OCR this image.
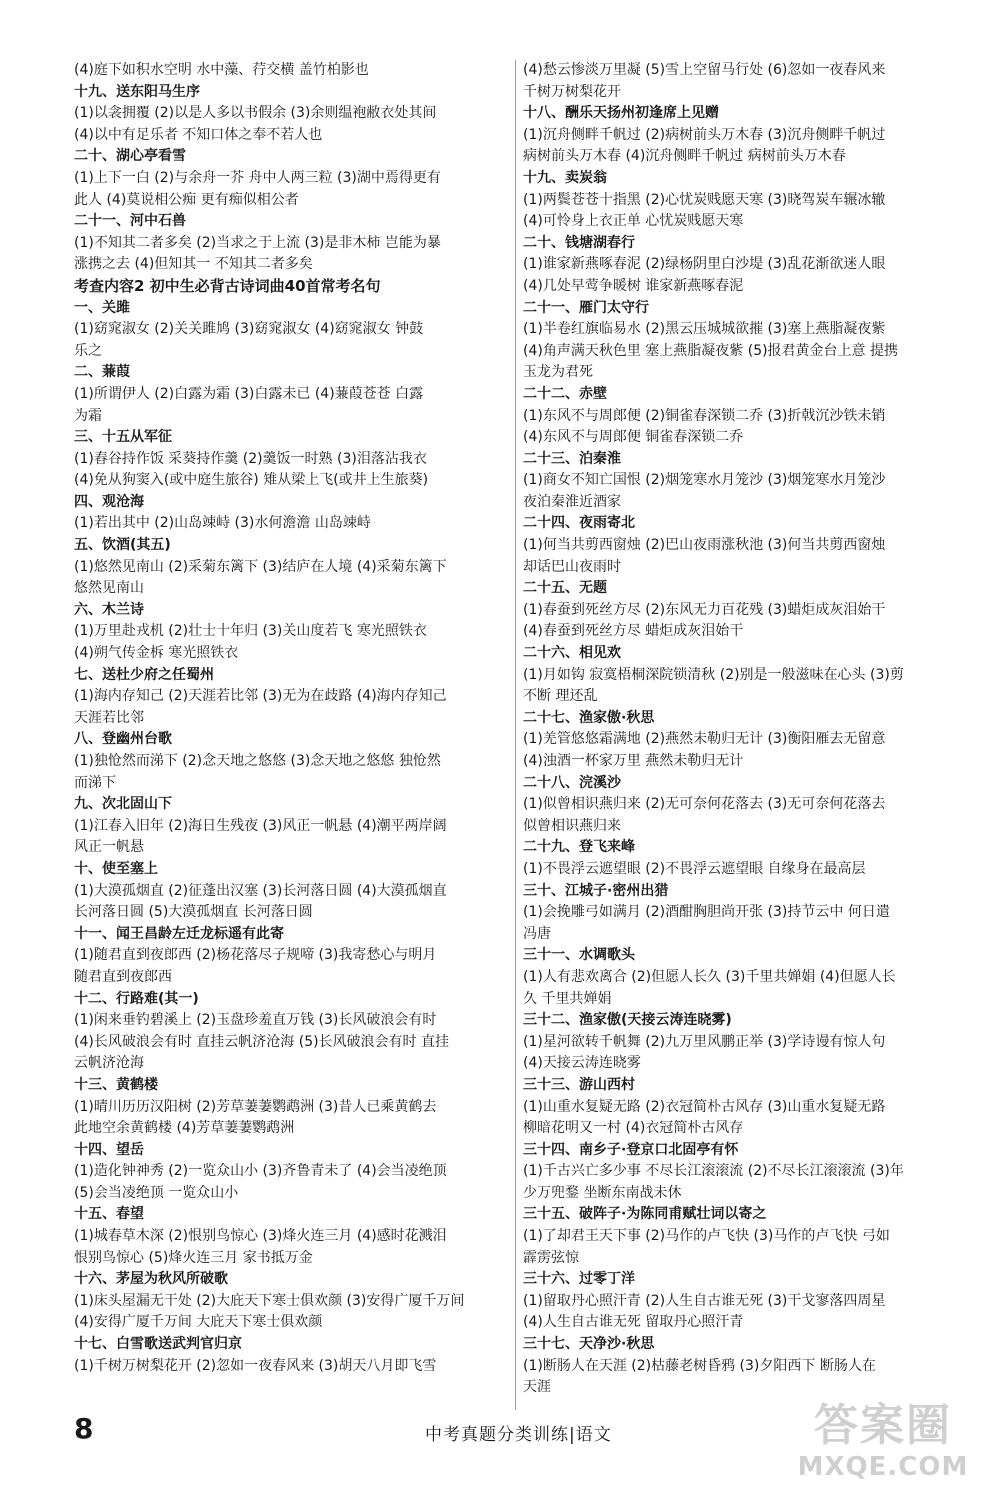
(4)庭下如积水空明 水中藻、荇交横 盖竹柏影也
十九、送东阳马生序
(1)以衾拥覆 (2)以是人多以书假余 (3)余则缊袍敝衣处其间
(4)以中有足乐者 不知口体之奉不若人也
二十、湖心亭看雪
(1)上下一白 (2)与余舟一芥 舟中人两三粒 (3)湖中焉得更有
此人 (4)莫说相公痴 更有痴似相公者
二十一、河中石兽
(1)不知其二者多矣 (2)当求之于上流 (3)是非木柿 岂能为暴
涨携之去 (4)但知其一 不知其二者多矣
考查内容2 初中生必背古诗词曲40首常考名句
一、关雎
(1)窈窕淑女 (2)关关雎鸠 (3)窈窕淑女 (4)窈窕淑女 钟鼓
乐之
二、蒹葭
(1)所谓伊人 (2)白露为霜 (3)白露未已 (4)蒹葭苍苍 白露
为霜
三、十五从军征
(1)舂谷持作饭 采葵持作羹 (2)羹饭一时熟 (3)泪落沾我衣
(4)免从狗窦入(或中庭生旅谷) 雉从梁上飞(或井上生旅葵)
四、观沧海
(1)若出其中 (2)山岛竦峙 (3)水何澹澹 山岛竦峙
五、饮酒(其五)
(1)悠然见南山 (2)采菊东篱下 (3)结庐在人境 (4)采菊东篱下
悠然见南山
六、木兰诗
(1)万里赴戎机 (2)壮士十年归 (3)关山度若飞 寒光照铁衣
(4)朔气传金柝 寒光照铁衣
七、送杜少府之任蜀州
(1)海内存知己 (2)天涯若比邻 (3)无为在歧路 (4)海内存知己
天涯若比邻
八、登幽州台歌
(1)独怆然而涕下 (2)念天地之悠悠 (3)念天地之悠悠 独怆然
而涕下
九、次北固山下
(1)江春入旧年 (2)海日生残夜 (3)风正一帆悬 (4)潮平两岸阔
风正一帆悬
十、使至塞上
(1)大漠孤烟直 (2)征蓬出汉塞 (3)长河落日圆 (4)大漠孤烟直
长河落日圆 (5)大漠孤烟直 长河落日圆
十一、闻王昌龄左迁龙标遥有此寄
(1)随君直到夜郎西 (2)杨花落尽子规啼 (3)我寄愁心与明月
随君直到夜郎西
十二、行路难(其一)
(1)闲来垂钓碧溪上 (2)玉盘珍羞直万钱 (3)长风破浪会有时
(4)长风破浪会有时 直挂云帆济沧海 (5)长风破浪会有时 直挂
云帆济沧海
十三、黄鹤楼
(1)晴川历历汉阳树 (2)芳草萋萋鹦鹉洲 (3)昔人已乘黄鹤去
此地空余黄鹤楼 (4)芳草萋萋鹦鹉洲
十四、望岳
(1)造化钟神秀 (2)一览众山小 (3)齐鲁青未了 (4)会当凌绝顶
(5)会当凌绝顶 一览众山小
十五、春望
(1)城春草木深 (2)恨别鸟惊心 (3)烽火连三月 (4)感时花溅泪
恨别鸟惊心 (5)烽火连三月 家书抵万金
十六、茅屋为秋风所破歌
(1)床头屋漏无干处 (2)大庇天下寒士俱欢颜 (3)安得广厦千万间
(4)安得广厦千万间 大庇天下寒士俱欢颜
十七、白雪歌送武判官归京
(1)千树万树梨花开 (2)忽如一夜春风来 (3)胡天八月即飞雪
(4)愁云惨淡万里凝 (5)雪上空留马行处 (6)忽如一夜春风来
千树万树梨花开
十八、酬乐天扬州初逢席上见赠
(1)沉舟侧畔千帆过 (2)病树前头万木春 (3)沉舟侧畔千帆过
病树前头万木春 (4)沉舟侧畔千帆过 病树前头万木春
十九、卖炭翁
(1)两鬓苍苍十指黑 (2)心忧炭贱愿天寒 (3)晓驾炭车辗冰辙
(4)可怜身上衣正单 心忧炭贱愿天寒
二十、钱塘湖春行
(1)谁家新燕啄春泥 (2)绿杨阴里白沙堤 (3)乱花渐欲迷人眼
(4)几处早莺争暖树 谁家新燕啄春泥
二十一、雁门太守行
(1)半卷红旗临易水 (2)黑云压城城欲摧 (3)塞上燕脂凝夜紫
(4)角声满天秋色里 塞上燕脂凝夜紫 (5)报君黄金台上意 提携
玉龙为君死
二十二、赤壁
(1)东风不与周郎便 (2)铜雀春深锁二乔 (3)折戟沉沙铁未销
(4)东风不与周郎便 铜雀春深锁二乔
二十三、泊秦淮
(1)商女不知亡国恨 (2)烟笼寒水月笼沙 (3)烟笼寒水月笼沙
夜泊秦淮近酒家
二十四、夜雨寄北
(1)何当共剪西窗烛 (2)巴山夜雨涨秋池 (3)何当共剪西窗烛
却话巴山夜雨时
二十五、无题
(1)春蚕到死丝方尽 (2)东风无力百花残 (3)蜡炬成灰泪始干
(4)春蚕到死丝方尽 蜡炬成灰泪始干
二十六、相见欢
(1)月如钩 寂寞梧桐深院锁清秋 (2)别是一般滋味在心头 (3)剪
不断 理还乱
二十七、渔家傲·秋思
(1)羌管悠悠霜满地 (2)燕然未勒归无计 (3)衡阳雁去无留意
(4)浊酒一杯家万里 燕然未勒归无计
二十八、浣溪沙
(1)似曾相识燕归来 (2)无可奈何花落去 (3)无可奈何花落去
似曾相识燕归来
二十九、登飞来峰
(1)不畏浮云遮望眼 (2)不畏浮云遮望眼 自缘身在最高层
三十、江城子·密州出猎
(1)会挽雕弓如满月 (2)酒酣胸胆尚开张 (3)持节云中 何日遣
冯唐
三十一、水调歌头
(1)人有悲欢离合 (2)但愿人长久 (3)千里共婵娟 (4)但愿人长
久 千里共婵娟
三十二、渔家傲(天接云涛连晓雾)
(1)星河欲转千帆舞 (2)九万里风鹏正举 (3)学诗谩有惊人句
(4)天接云涛连晓雾
三十三、游山西村
(1)山重水复疑无路 (2)衣冠简朴古风存 (3)山重水复疑无路
柳暗花明又一村 (4)衣冠简朴古风存
三十四、南乡子·登京口北固亭有怀
(1)千古兴亡多少事 不尽长江滚滚流 (2)不尽长江滚滚流 (3)年
少万兜鍪 坐断东南战未休
三十五、破阵子·为陈同甫赋壮词以寄之
(1)了却君王天下事 (2)马作的卢飞快 (3)马作的卢飞快 弓如
霹雳弦惊
三十六、过零丁洋
(1)留取丹心照汗青 (2)人生自古谁无死 (3)干戈寥落四周星
(4)人生自古谁无死 留取丹心照汗青
三十七、天净沙·秋思
(1)断肠人在天涯 (2)枯藤老树昏鸦 (3)夕阳西下 断肠人在
天涯
8	中考真题分类训练|语文	答案圈
MXQE.COM
